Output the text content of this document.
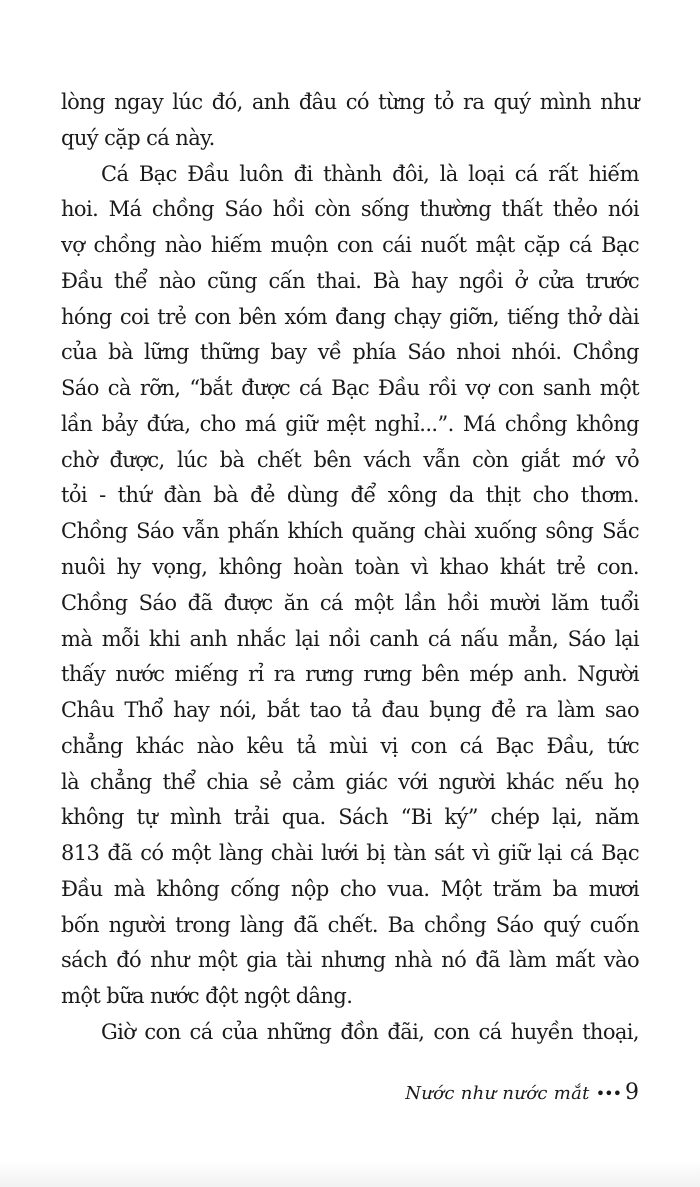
lòng ngay lúc đó, anh đâu có từng tỏ ra quý mình như
quý cặp cá này.
Cá Bạc Đầu luôn đi thành đôi, là loại cá rất hiếm
hoi. Má chồng Sáo hồi còn sống thường thất thẻo nói
vợ chồng nào hiếm muộn con cái nuốt mật cặp cá Bạc
Đầu thể nào cũng cấn thai. Bà hay ngồi ở cửa trước
hóng coi trẻ con bên xóm đang chạy giỡn, tiếng thở dài
của bà lững thững bay về phía Sáo nhoi nhói. Chồng
Sáo cà rỡn, “bắt được cá Bạc Đầu rồi vợ con sanh một
lần bảy đứa, cho má giữ mệt nghỉ...”. Má chồng không
chờ được, lúc bà chết bên vách vẫn còn giắt mớ vỏ
tỏi - thứ đàn bà đẻ dùng để xông da thịt cho thơm.
Chồng Sáo vẫn phấn khích quăng chài xuống sông Sắc
nuôi hy vọng, không hoàn toàn vì khao khát trẻ con.
Chồng Sáo đã được ăn cá một lần hồi mười lăm tuổi
mà mỗi khi anh nhắc lại nồi canh cá nấu mẳn, Sáo lại
thấy nước miếng rỉ ra rưng rưng bên mép anh. Người
Châu Thổ hay nói, bắt tao tả đau bụng đẻ ra làm sao
chẳng khác nào kêu tả mùi vị con cá Bạc Đầu, tức
là chẳng thể chia sẻ cảm giác với người khác nếu họ
không tự mình trải qua. Sách “Bi ký” chép lại, năm
813 đã có một làng chài lưới bị tàn sát vì giữ lại cá Bạc
Đầu mà không cống nộp cho vua. Một trăm ba mươi
bốn người trong làng đã chết. Ba chồng Sáo quý cuốn
sách đó như một gia tài nhưng nhà nó đã làm mất vào
một bữa nước đột ngột dâng.
Giờ con cá của những đồn đãi, con cá huyền thoại,
Nước như nước mắt ••• 9
